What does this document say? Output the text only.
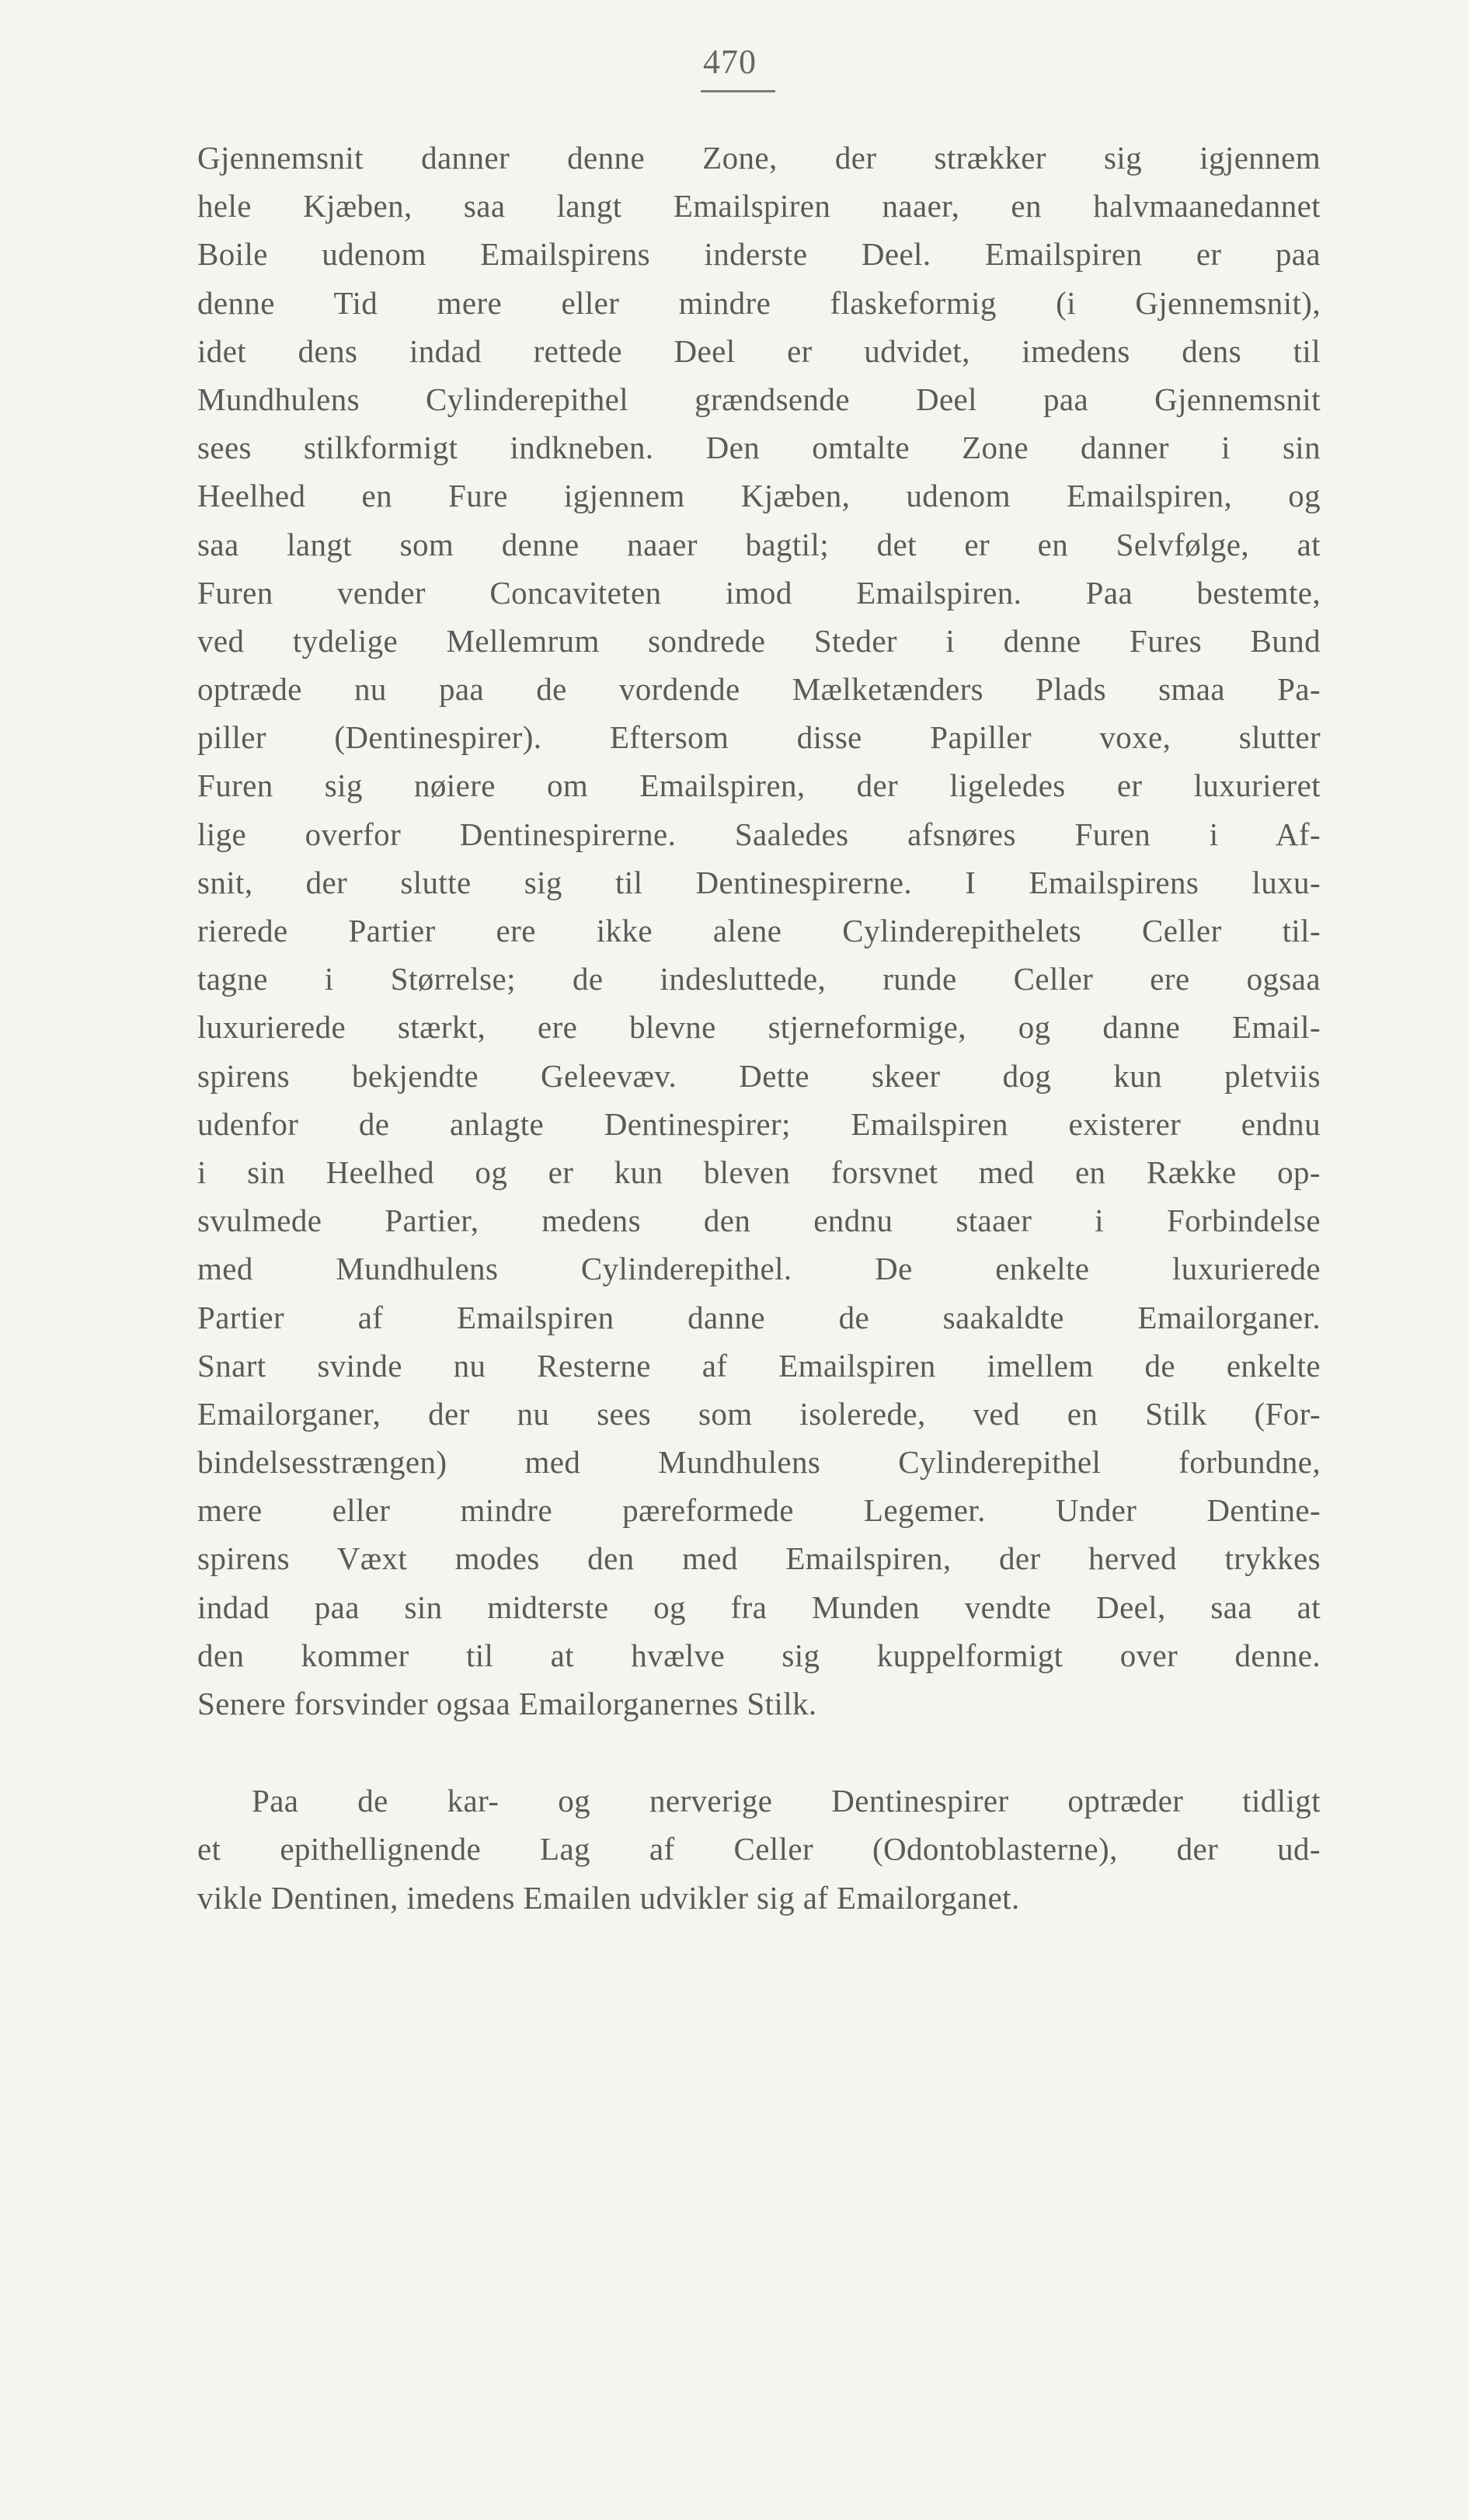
470
Gjennemsnit danner denne Zone, der strækker sig igjennem
hele Kjæben, saa langt Emailspiren naaer, en halvmaanedannet
Boile udenom Emailspirens inderste Deel. Emailspiren er paa
denne Tid mere eller mindre flaskeformig (i Gjennemsnit),
idet dens indad rettede Deel er udvidet, imedens dens til
Mundhulens Cylinderepithel grændsende Deel paa Gjennemsnit
sees stilkformigt indkneben. Den omtalte Zone danner i sin
Heelhed en Fure igjennem Kjæben, udenom Emailspiren, og
saa langt som denne naaer bagtil; det er en Selvfølge, at
Furen vender Concaviteten imod Emailspiren. Paa bestemte,
ved tydelige Mellemrum sondrede Steder i denne Fures Bund
optræde nu paa de vordende Mælketænders Plads smaa Pa-
piller (Dentinespirer). Eftersom disse Papiller voxe, slutter
Furen sig nøiere om Emailspiren, der ligeledes er luxurieret
lige overfor Dentinespirerne. Saaledes afsnøres Furen i Af-
snit, der slutte sig til Dentinespirerne. I Emailspirens luxu-
rierede Partier ere ikke alene Cylinderepithelets Celler til-
tagne i Størrelse; de indesluttede, runde Celler ere ogsaa
luxurierede stærkt, ere blevne stjerneformige, og danne Email-
spirens bekjendte Geleevæv. Dette skeer dog kun pletviis
udenfor de anlagte Dentinespirer; Emailspiren existerer endnu
i sin Heelhed og er kun bleven forsvnet med en Række op-
svulmede Partier, medens den endnu staaer i Forbindelse
med Mundhulens Cylinderepithel. De enkelte luxurierede
Partier af Emailspiren danne de saakaldte Emailorganer.
Snart svinde nu Resterne af Emailspiren imellem de enkelte
Emailorganer, der nu sees som isolerede, ved en Stilk (For-
bindelsesstrængen) med Mundhulens Cylinderepithel forbundne,
mere eller mindre pæreformede Legemer. Under Dentine-
spirens Væxt modes den med Emailspiren, der herved trykkes
indad paa sin midterste og fra Munden vendte Deel, saa at
den kommer til at hvælve sig kuppelformigt over denne.
Senere forsvinder ogsaa Emailorganernes Stilk.
Paa de kar- og nerverige Dentinespirer optræder tidligt
et epithellignende Lag af Celler (Odontoblasterne), der ud-
vikle Dentinen, imedens Emailen udvikler sig af Emailorganet.
